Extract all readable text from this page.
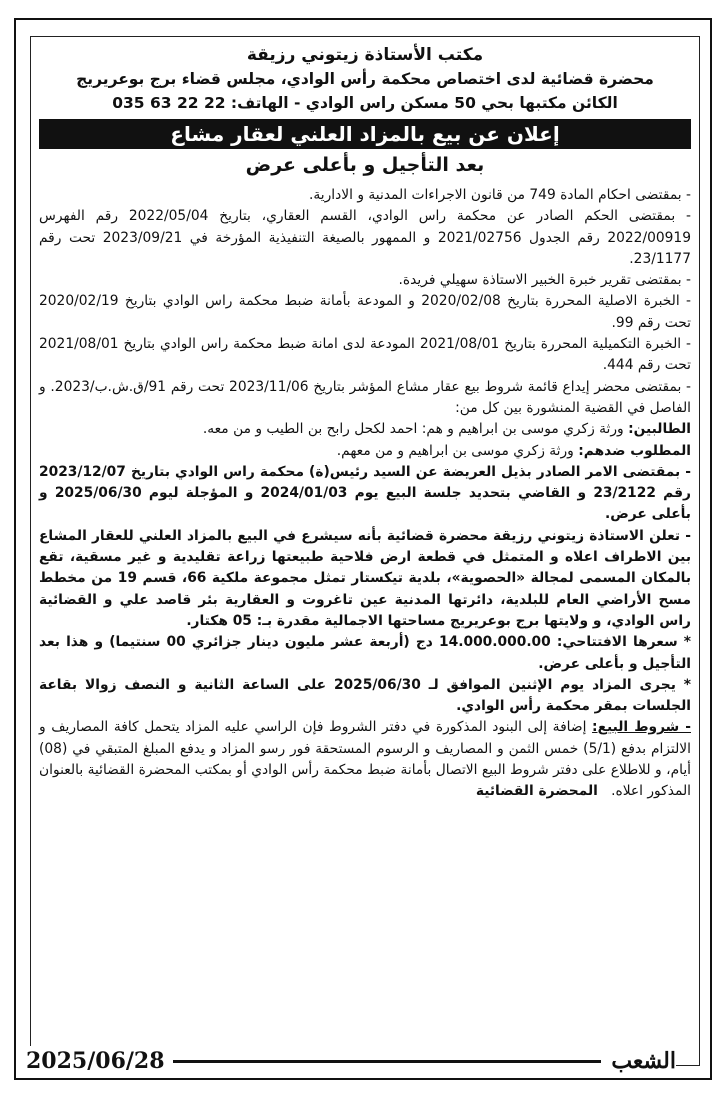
مكتب الأستاذة زيتوني رزيقة
محضرة قضائية لدى اختصاص محكمة رأس الوادي، مجلس قضاء برج بوعريريج
الكائن مكتبها بحي 50 مسكن راس الوادي - الهاتف: 22 22 63 035
إعلان عن بيع بالمزاد العلني لعقار مشاع
بعد التأجيل و بأعلى عرض

- بمقتضى احكام المادة 749 من قانون الاجراءات المدنية و الادارية.

- بمقتضى الحكم الصادر عن محكمة راس الوادي، القسم العقاري، بتاريخ 2022/05/04 رقم الفهرس 2022/00919 رقم الجدول 2021/02756 و الممهور بالصيغة التنفيذية المؤرخة في 2023/09/21 تحت رقم 23/1177.

- بمقتضى تقرير خبرة الخبير الاستاذة سهيلي فريدة.

- الخبرة الاصلية المحررة بتاريخ 2020/02/08 و المودعة بأمانة ضبط محكمة راس الوادي بتاريخ 2020/02/19 تحت رقم 99.

- الخبرة التكميلية المحررة بتاريخ 2021/08/01 المودعة لدى امانة ضبط محكمة راس الوادي بتاريخ 2021/08/01 تحت رقم 444.

- بمقتضى محضر إيداع قائمة شروط بيع عقار مشاع المؤشر بتاريخ 2023/11/06 تحت رقم 91/ق.ش.ب/2023. و الفاصل في القضية المنشورة بين كل من:

الطالبين: ورثة زكري موسى بن ابراهيم و هم: احمد لكحل رابح بن الطيب و من معه.

المطلوب ضدهم: ورثة زكري موسى بن ابراهيم و من معهم.

- بمقتضى الامر الصادر بذيل العريضة عن السيد رئيس(ة) محكمة راس الوادي بتاريخ 2023/12/07 رقم 23/2122 و القاضي بتحديد جلسة البيع يوم 2024/01/03 و المؤجلة ليوم 2025/06/30 و بأعلى عرض.

- تعلن الاستاذة زيتوني رزيقة محضرة قضائية بأنه سيشرع في البيع بالمزاد العلني للعقار المشاع بين الاطراف اعلاه و المتمثل في قطعة ارض فلاحية طبيعتها زراعة تقليدية و غير مسقية، تقع بالمكان المسمى لمجالة «الحصوية»، بلدية تيكستار تمثل مجموعة ملكية 66، قسم 19 من مخطط مسح الأراضي العام للبلدية، دائرتها المدنية عين تاغروت و العقارية بئر قاصد علي و القضائية راس الوادي، و ولايتها برج بوعريريج مساحتها الاجمالية مقدرة بـ: 05 هكتار.

* سعرها الافتتاحي: 14.000.000.00 دج (أربعة عشر مليون دينار جزائري 00 سنتيما) و هذا بعد التأجيل و بأعلى عرض.

* يجرى المزاد يوم الإثنين الموافق لـ 2025/06/30 على الساعة الثانية و النصف زوالا بقاعة الجلسات بمقر محكمة رأس الوادي.

- شروط البيع: إضافة إلى البنود المذكورة في دفتر الشروط فإن الراسي عليه المزاد يتحمل كافة المصاريف و الالتزام بدفع (5/1) خمس الثمن و المصاريف و الرسوم المستحقة فور رسو المزاد و يدفع المبلغ المتبقي في (08) أيام، و للاطلاع على دفتر شروط البيع الاتصال بأمانة ضبط محكمة رأس الوادي أو بمكتب المحضرة القضائية بالعنوان المذكور اعلاه.   المحضرة القضائية

الشعب
2025/06/28
